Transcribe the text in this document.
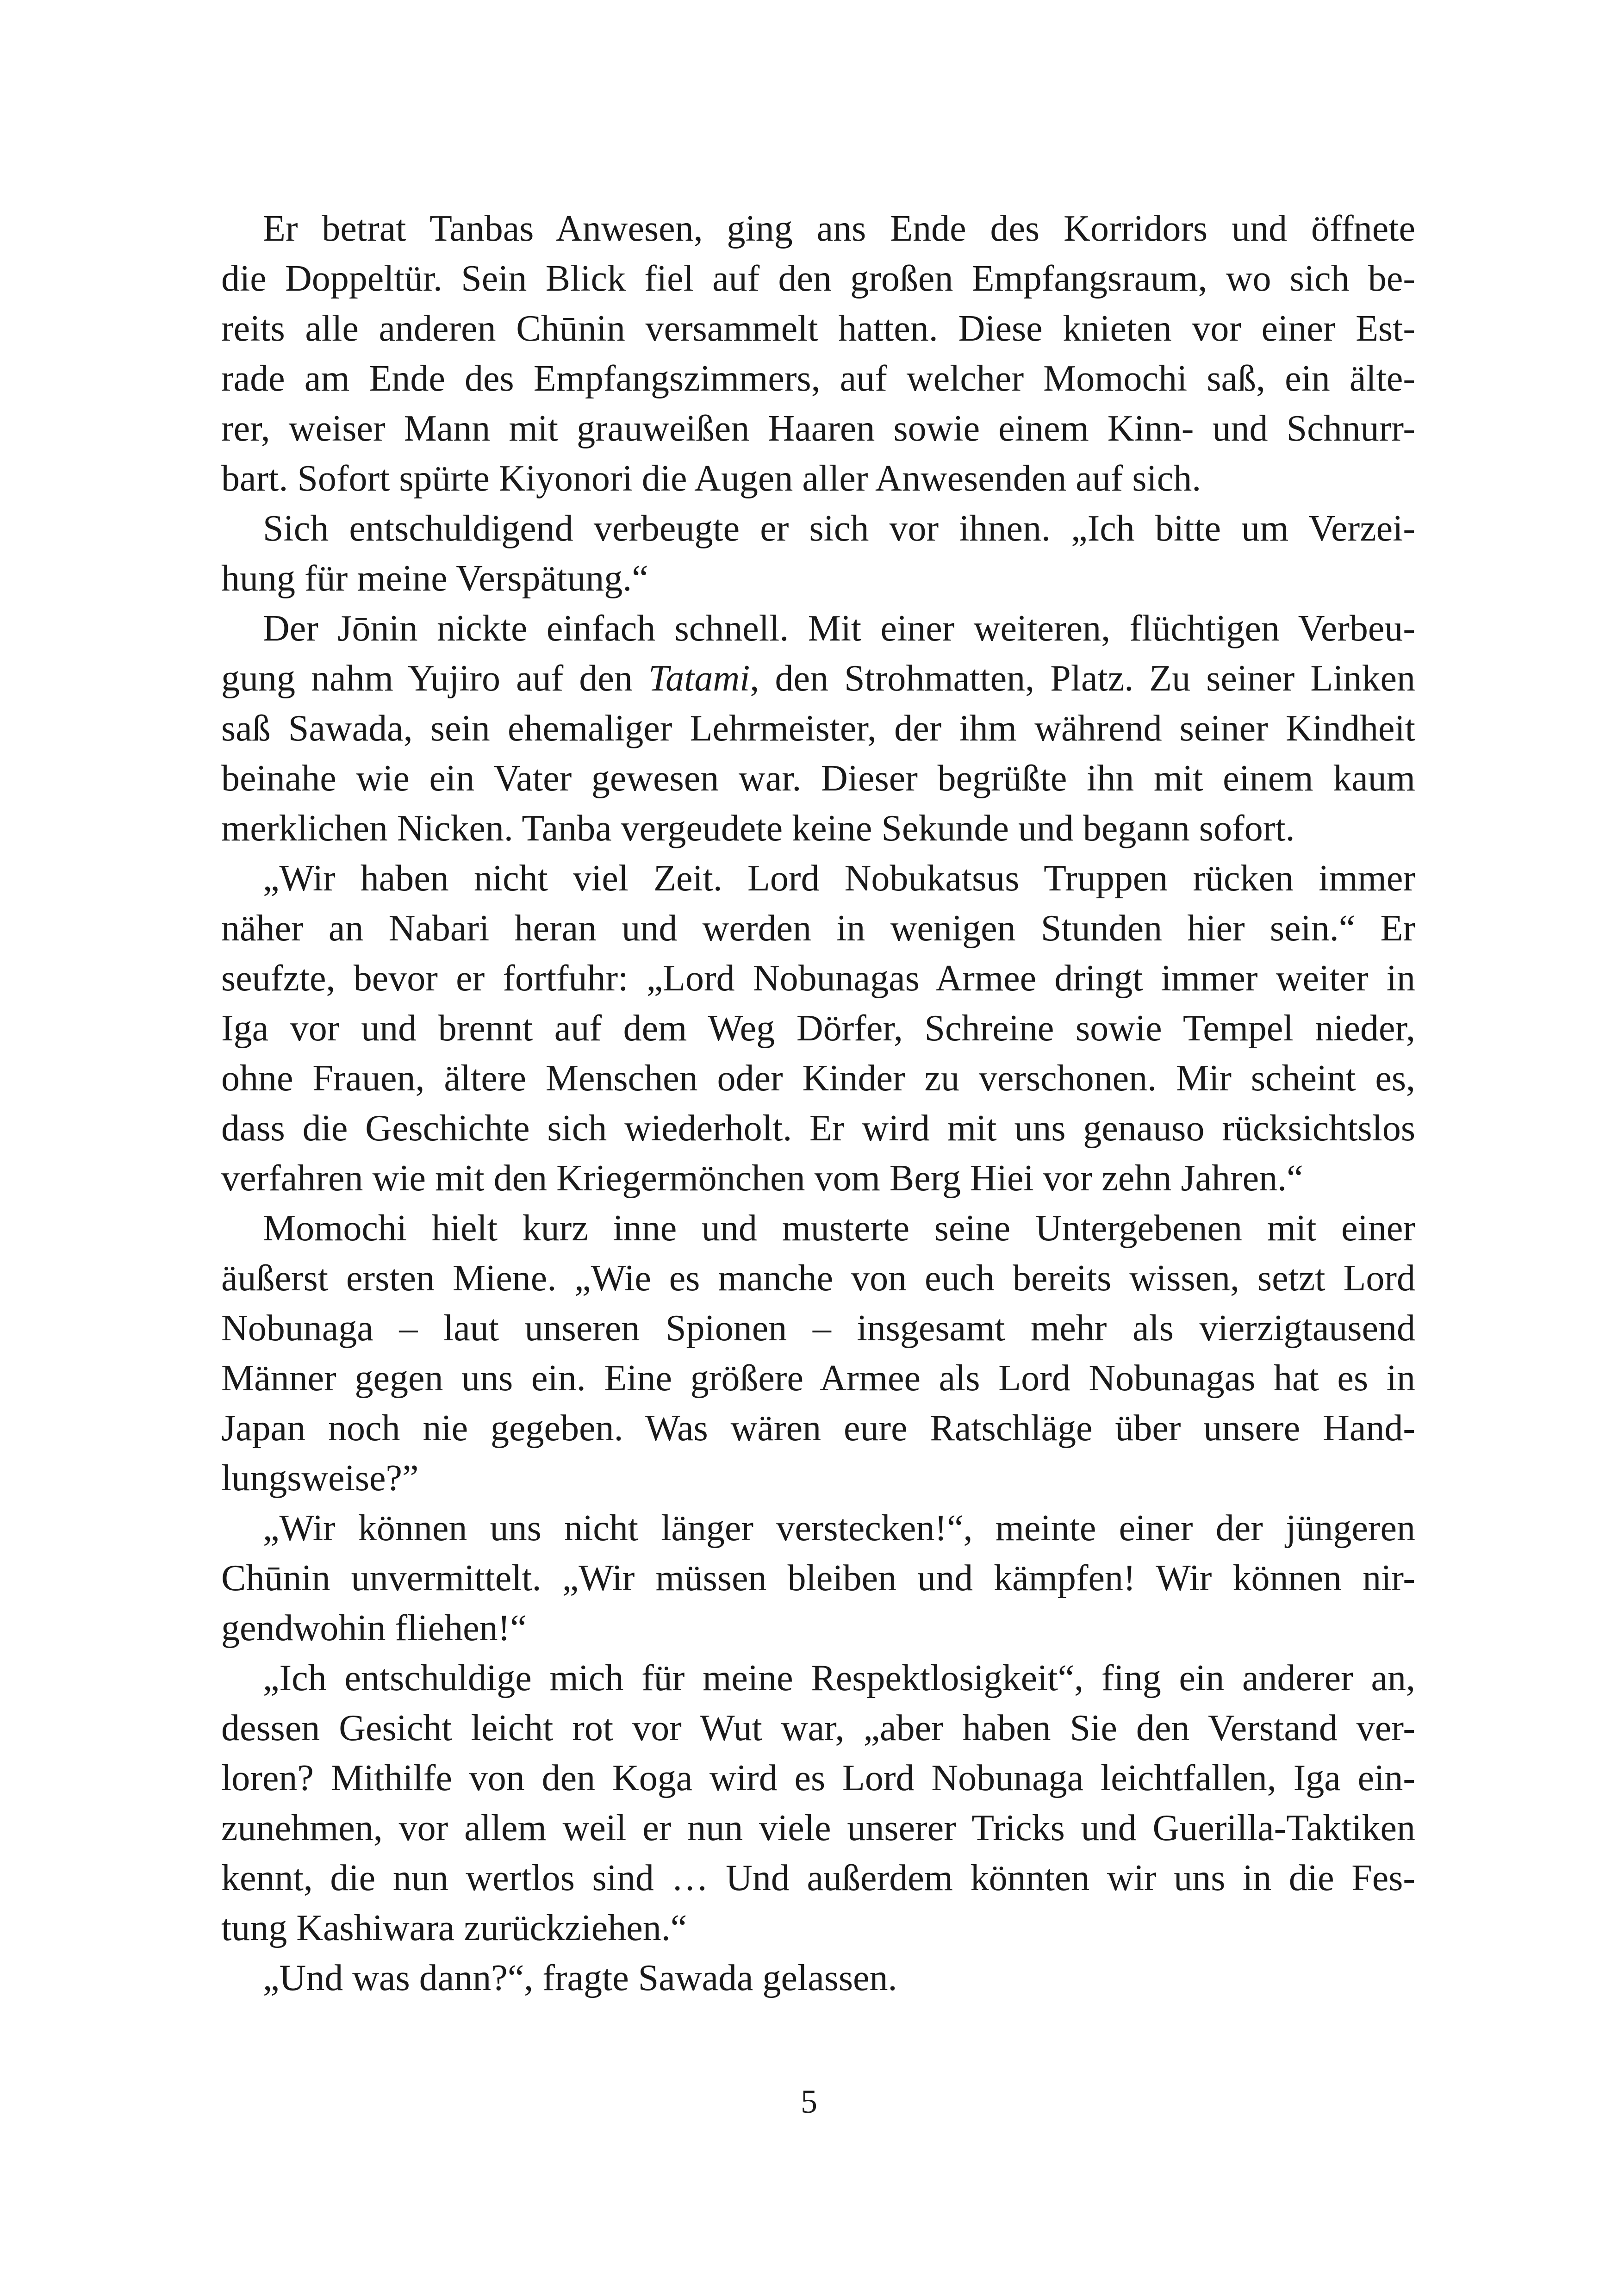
Er betrat Tanbas Anwesen, ging ans Ende des Korridors und öffnete
die Doppeltür. Sein Blick fiel auf den großen Empfangsraum, wo sich be-
reits alle anderen Chūnin versammelt hatten. Diese knieten vor einer Est-
rade am Ende des Empfangszimmers, auf welcher Momochi saß, ein älte-
rer, weiser Mann mit grauweißen Haaren sowie einem Kinn- und Schnurr-
bart. Sofort spürte Kiyonori die Augen aller Anwesenden auf sich.
Sich entschuldigend verbeugte er sich vor ihnen. „Ich bitte um Verzei-
hung für meine Verspätung.“
Der Jōnin nickte einfach schnell. Mit einer weiteren, flüchtigen Verbeu-
gung nahm Yujiro auf den Tatami, den Strohmatten, Platz. Zu seiner Linken
saß Sawada, sein ehemaliger Lehrmeister, der ihm während seiner Kindheit
beinahe wie ein Vater gewesen war. Dieser begrüßte ihn mit einem kaum
merklichen Nicken. Tanba vergeudete keine Sekunde und begann sofort.
„Wir haben nicht viel Zeit. Lord Nobukatsus Truppen rücken immer
näher an Nabari heran und werden in wenigen Stunden hier sein.“ Er
seufzte, bevor er fortfuhr: „Lord Nobunagas Armee dringt immer weiter in
Iga vor und brennt auf dem Weg Dörfer, Schreine sowie Tempel nieder,
ohne Frauen, ältere Menschen oder Kinder zu verschonen. Mir scheint es,
dass die Geschichte sich wiederholt. Er wird mit uns genauso rücksichtslos
verfahren wie mit den Kriegermönchen vom Berg Hiei vor zehn Jahren.“
Momochi hielt kurz inne und musterte seine Untergebenen mit einer
äußerst ersten Miene. „Wie es manche von euch bereits wissen, setzt Lord
Nobunaga – laut unseren Spionen – insgesamt mehr als vierzigtausend
Männer gegen uns ein. Eine größere Armee als Lord Nobunagas hat es in
Japan noch nie gegeben. Was wären eure Ratschläge über unsere Hand-
lungsweise?”
„Wir können uns nicht länger verstecken!“, meinte einer der jüngeren
Chūnin unvermittelt. „Wir müssen bleiben und kämpfen! Wir können nir-
gendwohin fliehen!“
„Ich entschuldige mich für meine Respektlosigkeit“, fing ein anderer an,
dessen Gesicht leicht rot vor Wut war, „aber haben Sie den Verstand ver-
loren? Mithilfe von den Koga wird es Lord Nobunaga leichtfallen, Iga ein-
zunehmen, vor allem weil er nun viele unserer Tricks und Guerilla-Taktiken
kennt, die nun wertlos sind … Und außerdem könnten wir uns in die Fes-
tung Kashiwara zurückziehen.“
„Und was dann?“, fragte Sawada gelassen.
5
